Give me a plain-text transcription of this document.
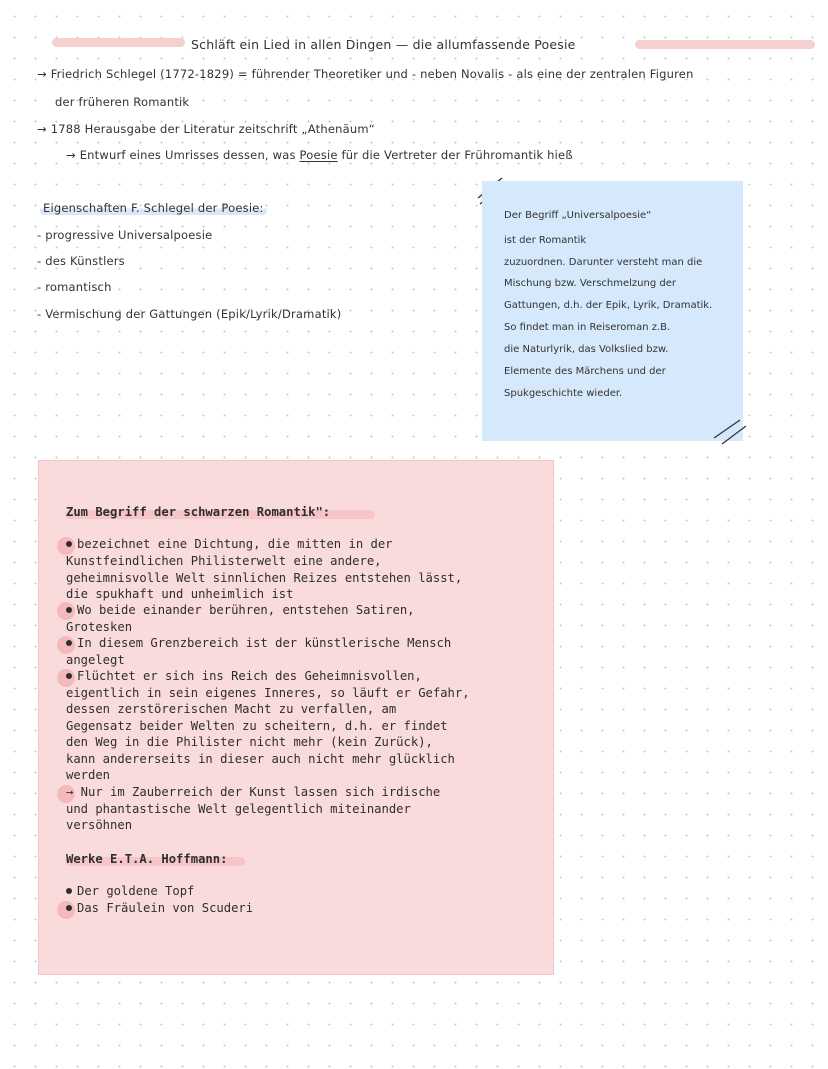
Schläft ein Lied in allen Dingen — die allumfassende Poesie
→ Friedrich Schlegel (1772-1829) = führender Theoretiker und - neben Novalis - als eine der zentralen Figuren
der früheren Romantik
→ 1788 Herausgabe der Literatur zeitschrift „Athenäum“
→ Entwurf eines Umrisses dessen, was Poesie für die Vertreter der Frühromantik hieß
Eigenschaften F. Schlegel der Poesie:
- progressive Universalpoesie
- des Künstlers
- romantisch
- Vermischung der Gattungen (Epik/Lyrik/Dramatik)
Der Begriff „Universalpoesie“
ist der Romantik
zuzuordnen. Darunter versteht man die
Mischung bzw. Verschmelzung der
Gattungen, d.h. der Epik, Lyrik, Dramatik.
So findet man in Reiseroman z.B.
die Naturlyrik, das Volkslied bzw.
Elemente des Märchens und der
Spukgeschichte wieder.
Zum Begriff der schwarzen Romantik":
bezeichnet eine Dichtung, die mitten in der
Kunstfeindlichen Philisterwelt eine andere,
geheimnisvolle Welt sinnlichen Reizes entstehen lässt,
die spukhaft und unheimlich ist
Wo beide einander berühren, entstehen Satiren,
Grotesken
In diesem Grenzbereich ist der künstlerische Mensch
angelegt
Flüchtet er sich ins Reich des Geheimnisvollen,
eigentlich in sein eigenes Inneres, so läuft er Gefahr,
dessen zerstörerischen Macht zu verfallen, am
Gegensatz beider Welten zu scheitern, d.h. er findet
den Weg in die Philister nicht mehr (kein Zurück),
kann andererseits in dieser auch nicht mehr glücklich
werden
→ Nur im Zauberreich der Kunst lassen sich irdische
und phantastische Welt gelegentlich miteinander
versöhnen
Werke E.T.A. Hoffmann:
Der goldene Topf
Das Fräulein von Scuderi
